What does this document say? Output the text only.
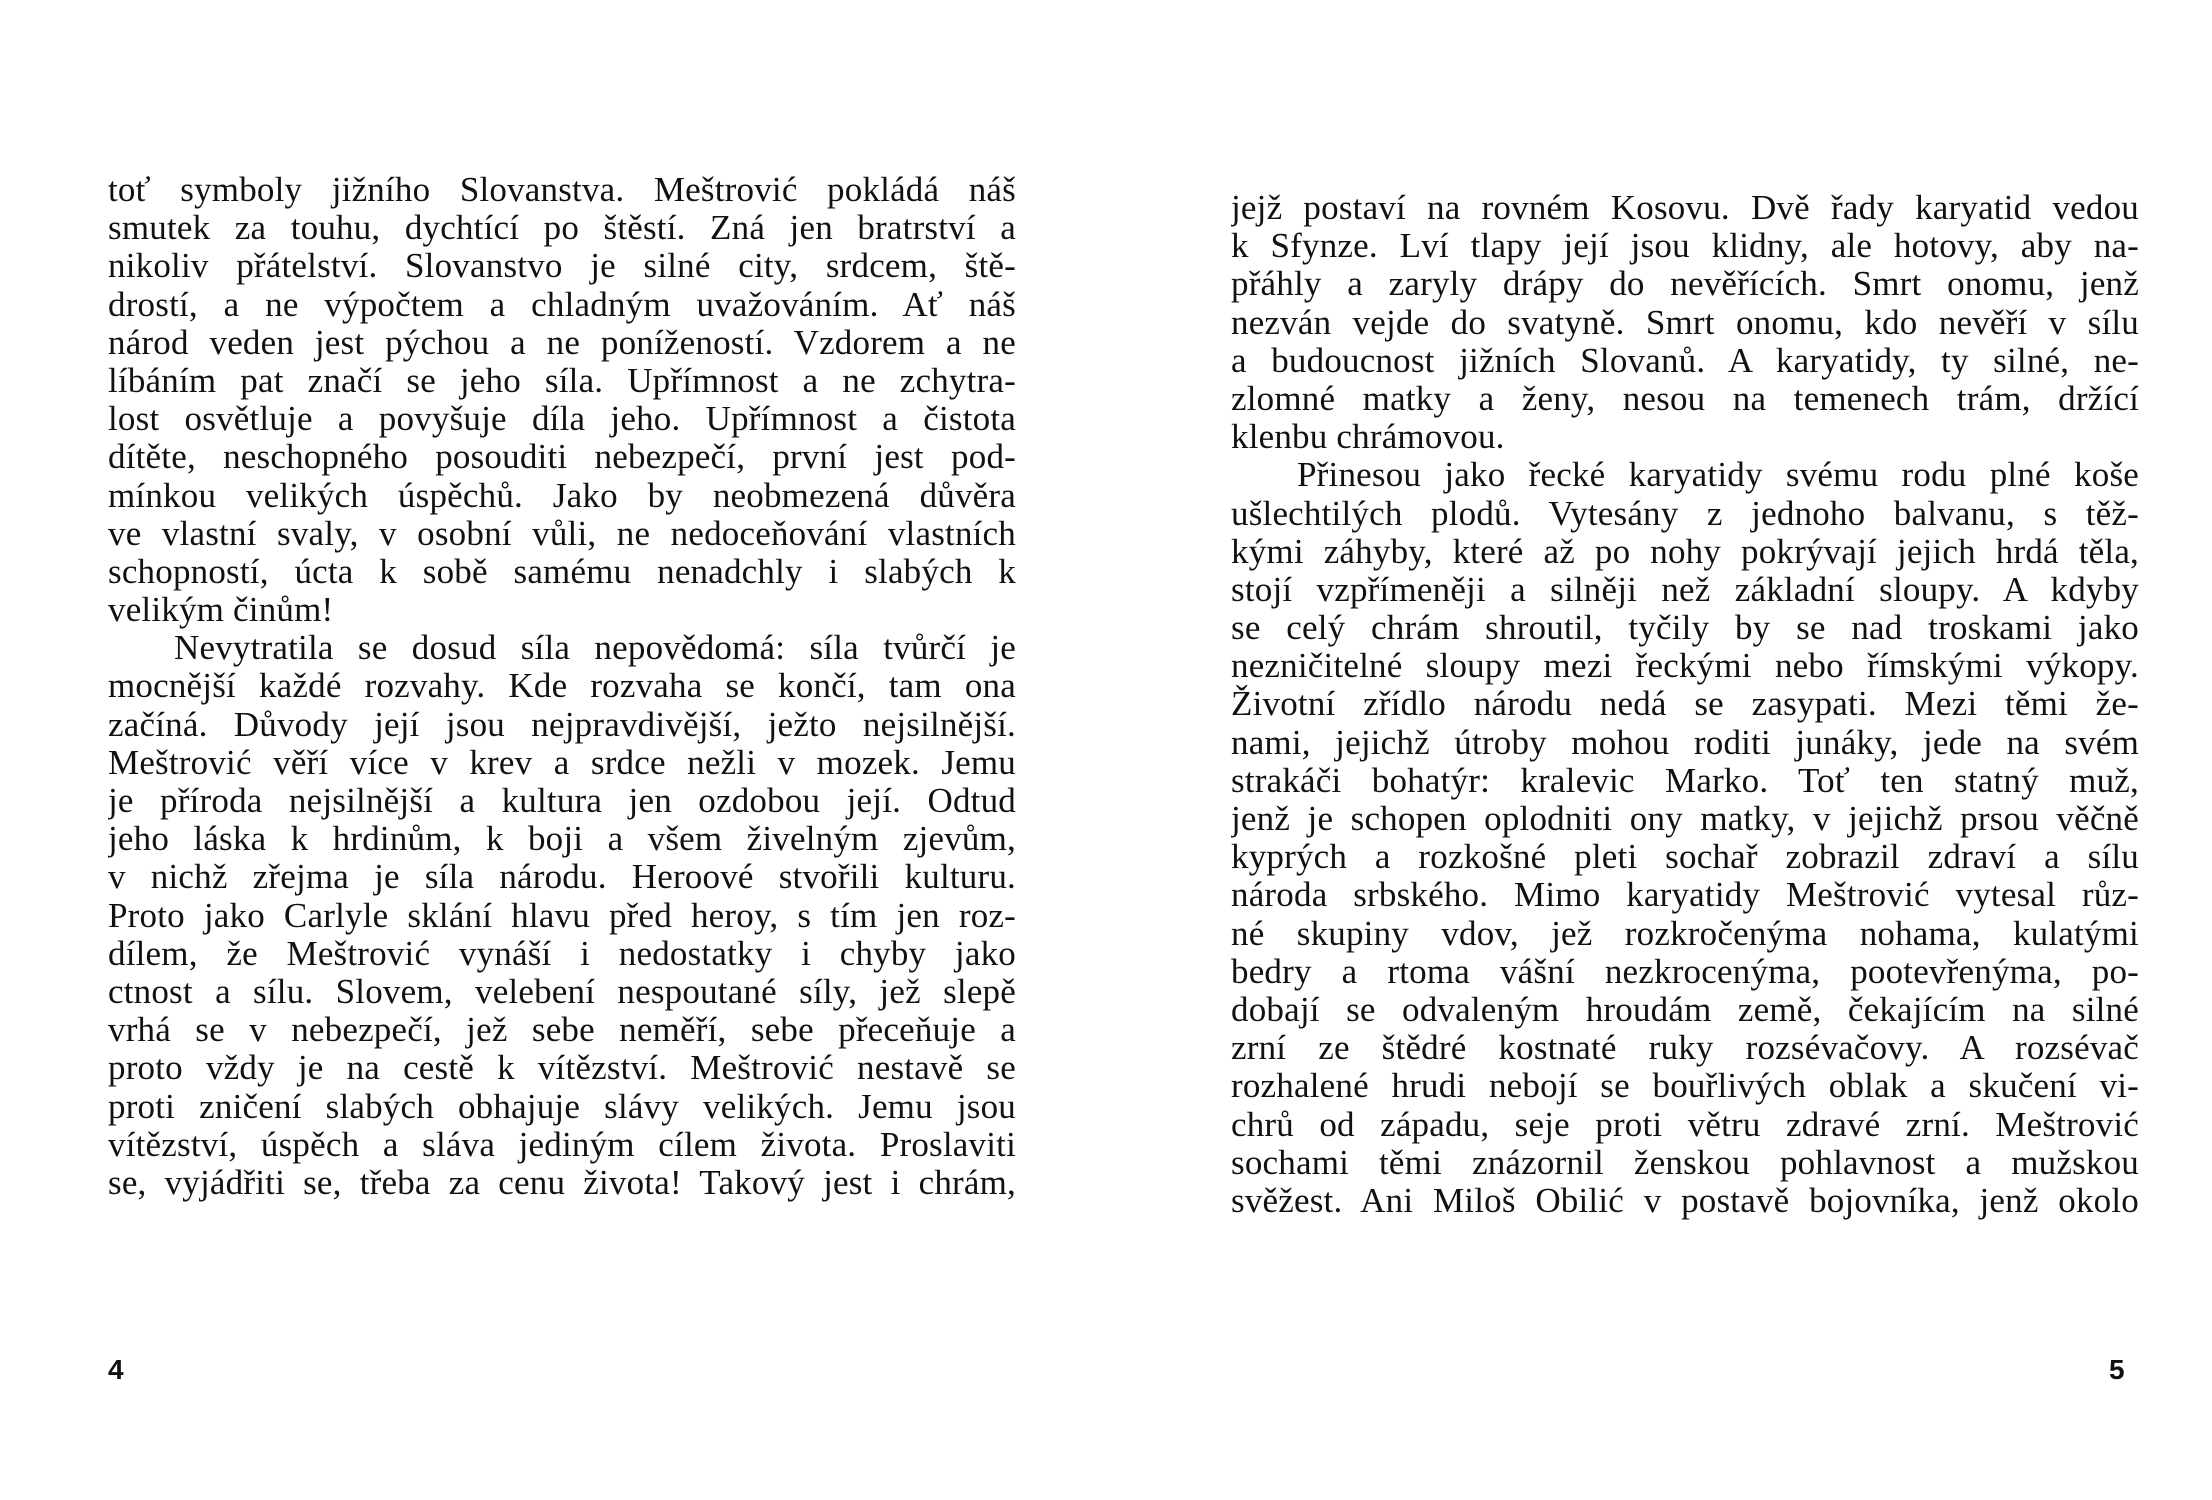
toť symboly jižního Slovanstva. Meštrović pokládá náš
smutek za touhu, dychtící po štěstí. Zná jen bratrství a
nikoliv přátelství. Slovanstvo je silné city, srdcem, ště-
drostí, a ne výpočtem a chladným uvažováním. Ať náš
národ veden jest pýchou a ne ponížeností. Vzdorem a ne
líbáním pat značí se jeho síla. Upřímnost a ne zchytra-
lost osvětluje a povyšuje díla jeho. Upřímnost a čistota
dítěte, neschopného posouditi nebezpečí, první jest pod-
mínkou velikých úspěchů. Jako by neobmezená důvěra
ve vlastní svaly, v osobní vůli, ne nedoceňování vlastních
schopností, úcta k sobě samému nenadchly i slabých k
velikým činům!
Nevytratila se dosud síla nepovědomá: síla tvůrčí je
mocnější každé rozvahy. Kde rozvaha se končí, tam ona
začíná. Důvody její jsou nejpravdivější, ježto nejsilnější.
Meštrović věří více v krev a srdce nežli v mozek. Jemu
je příroda nejsilnější a kultura jen ozdobou její. Odtud
jeho láska k hrdinům, k boji a všem živelným zjevům,
v nichž zřejma je síla národu. Heroové stvořili kulturu.
Proto jako Carlyle sklání hlavu před heroy, s tím jen roz-
dílem, že Meštrović vynáší i nedostatky i chyby jako
ctnost a sílu. Slovem, velebení nespoutané síly, jež slepě
vrhá se v nebezpečí, jež sebe neměří, sebe přeceňuje a
proto vždy je na cestě k vítězství. Meštrović nestavě se
proti zničení slabých obhajuje slávy velikých. Jemu jsou
vítězství, úspěch a sláva jediným cílem života. Proslaviti
se, vyjádřiti se, třeba za cenu života! Takový jest i chrám,
4
jejž postaví na rovném Kosovu. Dvě řady karyatid vedou
k Sfynze. Lví tlapy její jsou klidny, ale hotovy, aby na-
přáhly a zaryly drápy do nevěřících. Smrt onomu, jenž
nezván vejde do svatyně. Smrt onomu, kdo nevěří v sílu
a budoucnost jižních Slovanů. A karyatidy, ty silné, ne-
zlomné matky a ženy, nesou na temenech trám, držící
klenbu chrámovou.
Přinesou jako řecké karyatidy svému rodu plné koše
ušlechtilých plodů. Vytesány z jednoho balvanu, s těž-
kými záhyby, které až po nohy pokrývají jejich hrdá těla,
stojí vzpřímeněji a silněji než základní sloupy. A kdyby
se celý chrám shroutil, tyčily by se nad troskami jako
nezničitelné sloupy mezi řeckými nebo římskými výkopy.
Životní zřídlo národu nedá se zasypati. Mezi těmi že-
nami, jejichž útroby mohou roditi junáky, jede na svém
strakáči bohatýr: kralevic Marko. Toť ten statný muž,
jenž je schopen oplodniti ony matky, v jejichž prsou věčně
kyprých a rozkošné pleti sochař zobrazil zdraví a sílu
národa srbského. Mimo karyatidy Meštrović vytesal růz-
né skupiny vdov, jež rozkročenýma nohama, kulatými
bedry a rtoma vášní nezkrocenýma, pootevřenýma, po-
dobají se odvaleným hroudám země, čekajícím na silné
zrní ze štědré kostnaté ruky rozsévačovy. A rozsévač
rozhalené hrudi nebojí se bouřlivých oblak a skučení vi-
chrů od západu, seje proti větru zdravé zrní. Meštrović
sochami těmi znázornil ženskou pohlavnost a mužskou
svěžest. Ani Miloš Obilić v postavě bojovníka, jenž okolo
5
